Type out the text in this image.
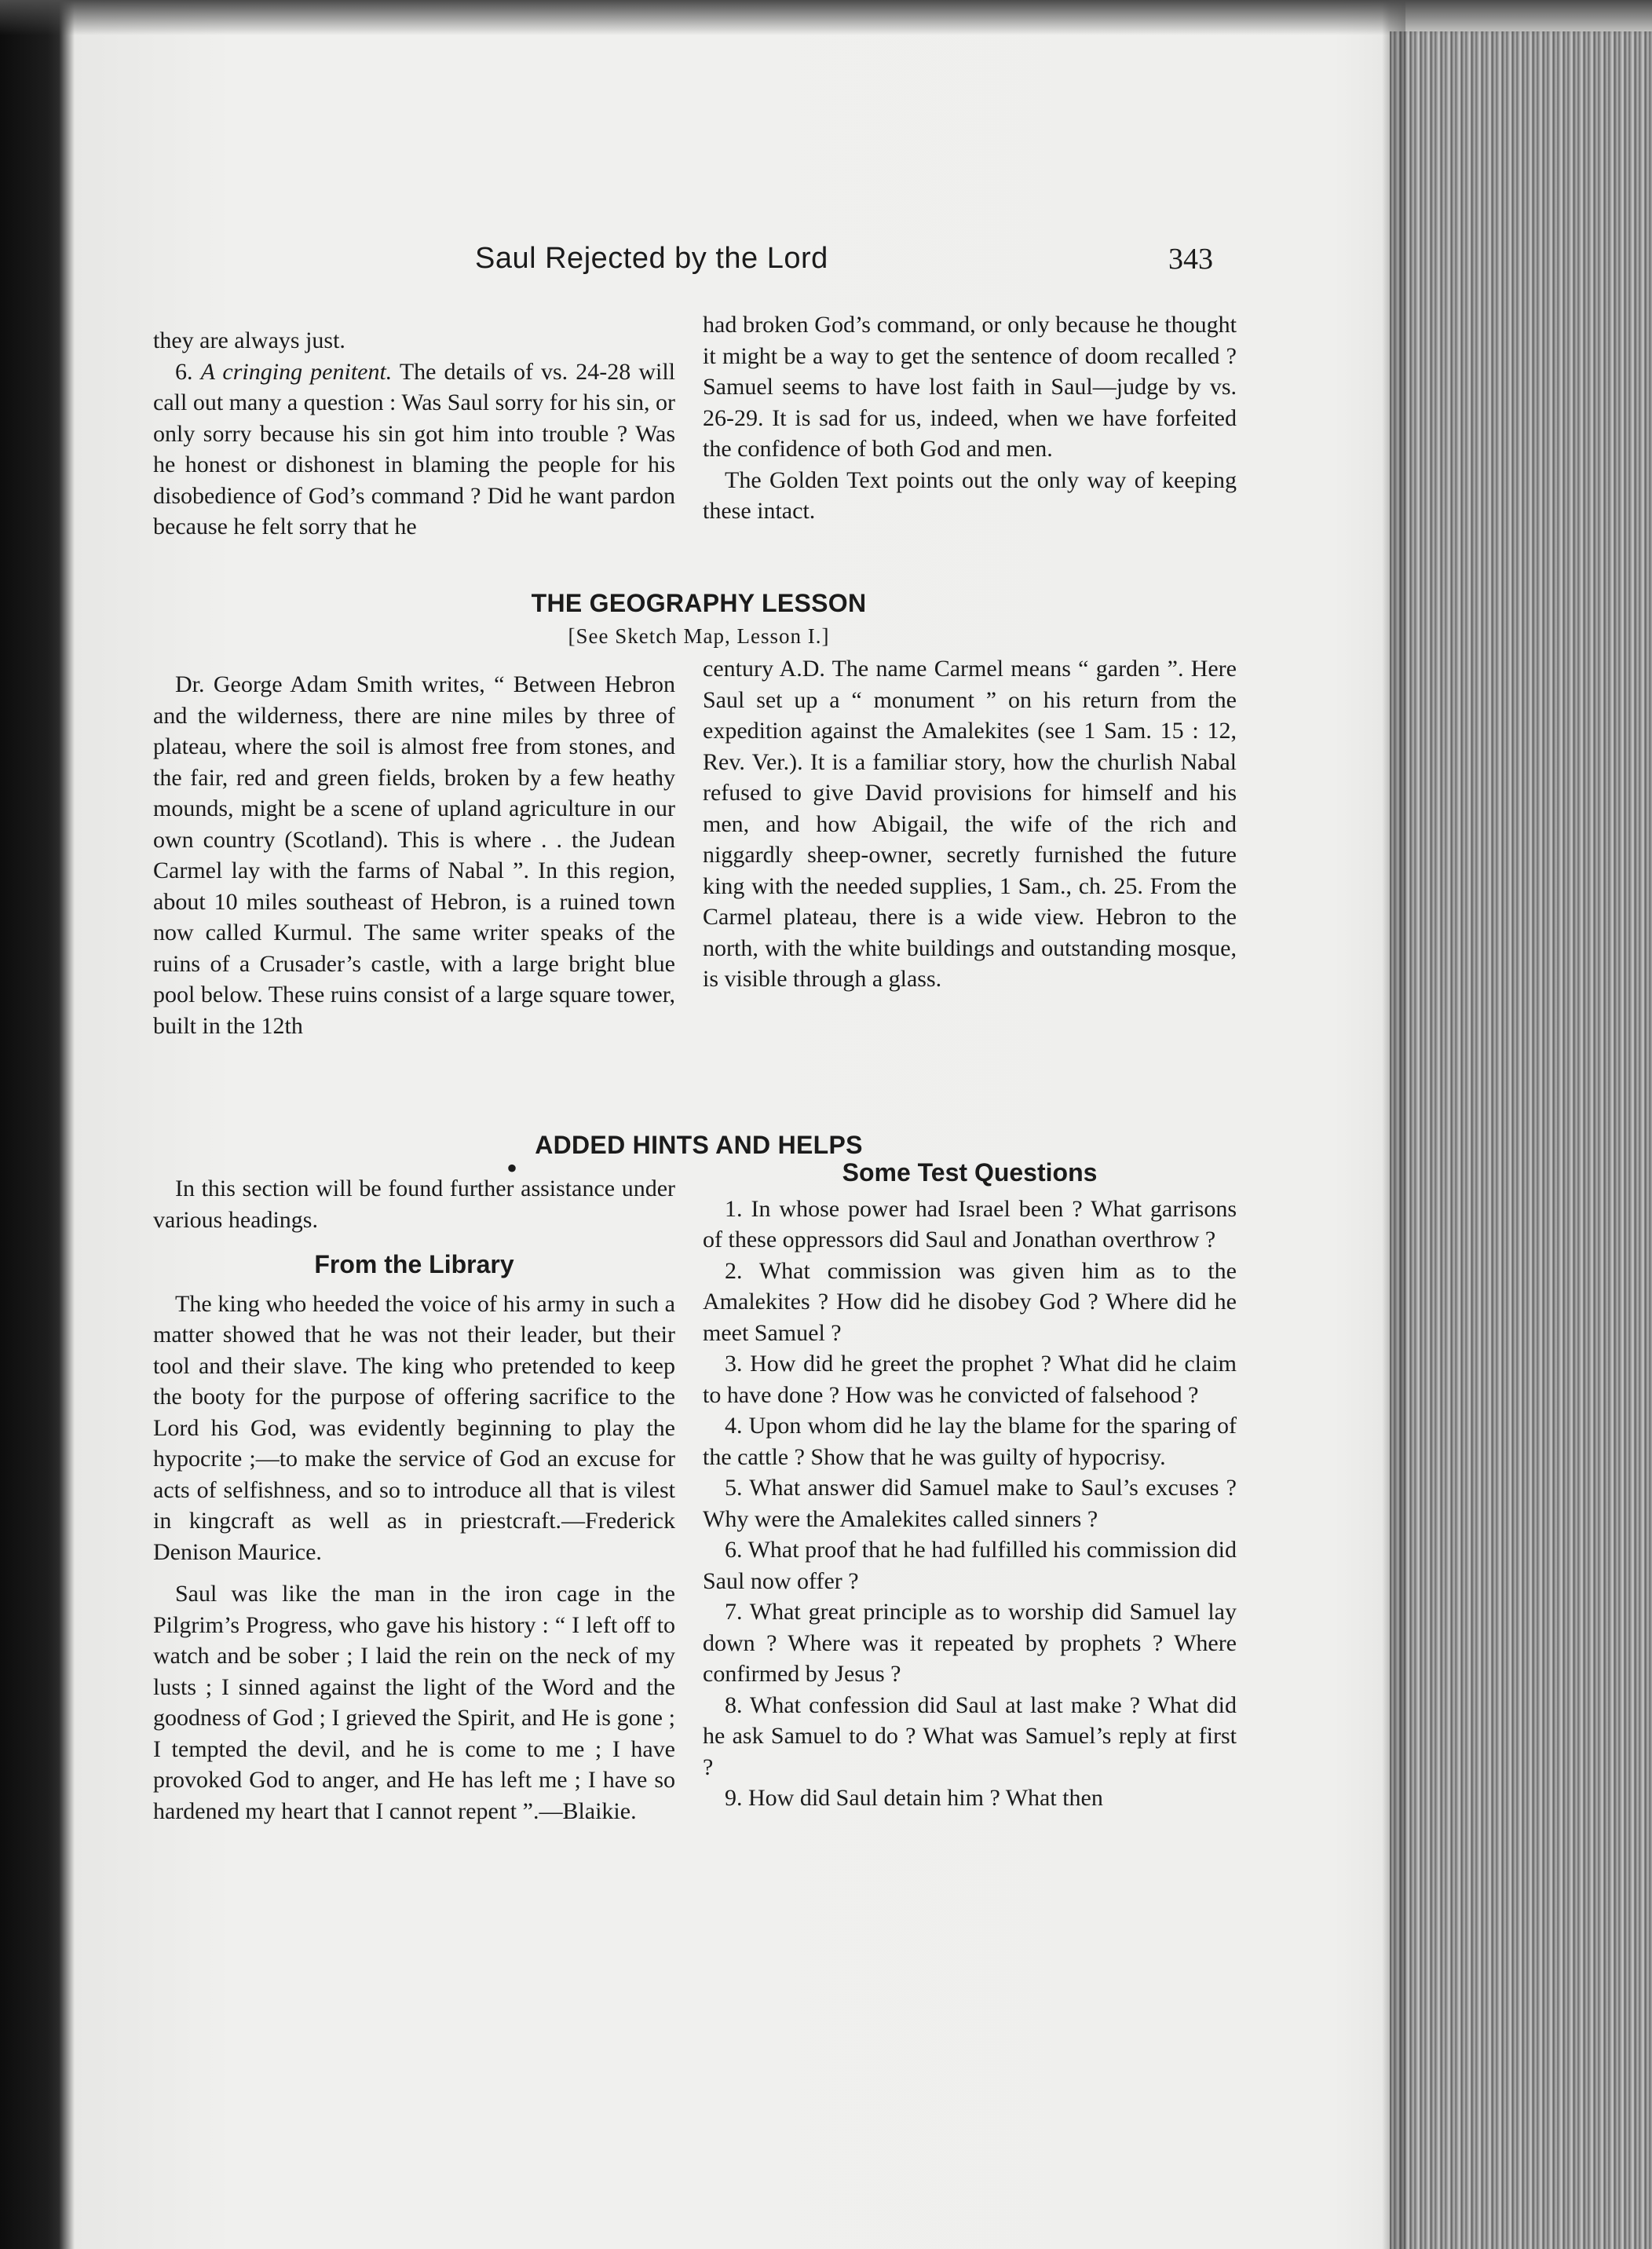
Saul Rejected by the Lord	343

they are always just.

6. A cringing penitent. The details of vs. 24-28 will call out many a question : Was Saul sorry for his sin, or only sorry because his sin got him into trouble ? Was he honest or dishonest in blaming the people for his disobedience of God’s command ? Did he want pardon because he felt sorry that he

had broken God’s command, or only because he thought it might be a way to get the sentence of doom recalled ? Samuel seems to have lost faith in Saul—judge by vs. 26-29. It is sad for us, indeed, when we have forfeited the confidence of both God and men.

The Golden Text points out the only way of keeping these intact.

THE GEOGRAPHY LESSON
[See Sketch Map, Lesson I.]

Dr. George Adam Smith writes, “ Between Hebron and the wilderness, there are nine miles by three of plateau, where the soil is almost free from stones, and the fair, red and green fields, broken by a few heathy mounds, might be a scene of upland agriculture in our own country (Scotland). This is where . . the Judean Carmel lay with the farms of Nabal ”. In this region, about 10 miles southeast of Hebron, is a ruined town now called Kurmul. The same writer speaks of the ruins of a Crusader’s castle, with a large bright blue pool below. These ruins consist of a large square tower, built in the 12th

century A.D. The name Carmel means “ garden ”. Here Saul set up a “ monument ” on his return from the expedition against the Amalekites (see 1 Sam. 15 : 12, Rev. Ver.). It is a familiar story, how the churlish Nabal refused to give David provisions for himself and his men, and how Abigail, the wife of the rich and niggardly sheep-owner, secretly furnished the future king with the needed supplies, 1 Sam., ch. 25. From the Carmel plateau, there is a wide view. Hebron to the north, with the white buildings and outstanding mosque, is visible through a glass.

•
ADDED HINTS AND HELPS

In this section will be found further assistance under various headings.

From the Library

The king who heeded the voice of his army in such a matter showed that he was not their leader, but their tool and their slave. The king who pretended to keep the booty for the purpose of offering sacrifice to the Lord his God, was evidently beginning to play the hypocrite ;—to make the service of God an excuse for acts of selfishness, and so to introduce all that is vilest in kingcraft as well as in priestcraft.—Frederick Denison Maurice.

Saul was like the man in the iron cage in the Pilgrim’s Progress, who gave his history : “ I left off to watch and be sober ; I laid the rein on the neck of my lusts ; I sinned against the light of the Word and the goodness of God ; I grieved the Spirit, and He is gone ; I tempted the devil, and he is come to me ; I have provoked God to anger, and He has left me ; I have so hardened my heart that I cannot repent ”.—Blaikie.

Some Test Questions

1. In whose power had Israel been ? What garrisons of these oppressors did Saul and Jonathan overthrow ?

2. What commission was given him as to the Amalekites ? How did he disobey God ? Where did he meet Samuel ?

3. How did he greet the prophet ? What did he claim to have done ? How was he convicted of falsehood ?

4. Upon whom did he lay the blame for the sparing of the cattle ? Show that he was guilty of hypocrisy.

5. What answer did Samuel make to Saul’s excuses ? Why were the Amalekites called sinners ?

6. What proof that he had fulfilled his commission did Saul now offer ?

7. What great principle as to worship did Samuel lay down ? Where was it repeated by prophets ? Where confirmed by Jesus ?

8. What confession did Saul at last make ? What did he ask Samuel to do ? What was Samuel’s reply at first ?

9. How did Saul detain him ? What then
